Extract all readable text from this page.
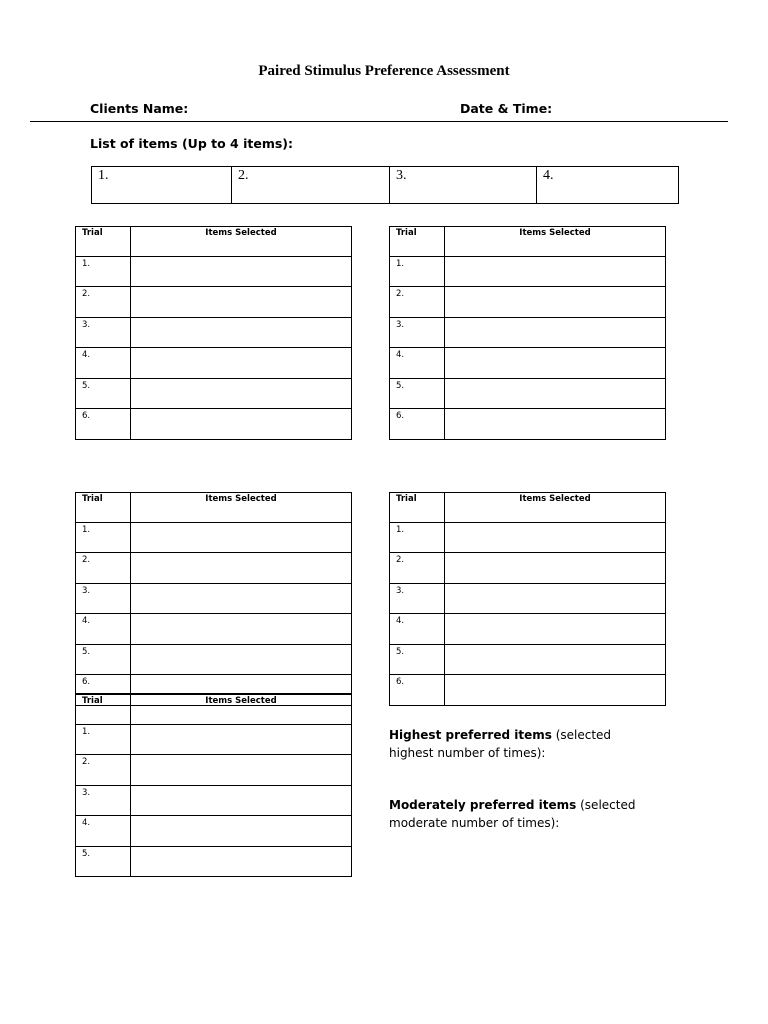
Paired Stimulus Preference Assessment
Clients Name:	Date & Time:
List of items (Up to 4 items):
1.	2.	3.	4.
Trial	Items Selected
1.	
2.	
3.	
4.	
5.	
6.	
Trial	Items Selected
1.	
2.	
3.	
4.	
5.	
6.	
Trial	Items Selected
1.	
2.	
3.	
4.	
5.	
6.	
Trial	Items Selected
1.	
2.	
3.	
4.	
5.	
6.	
Trial	Items Selected
1.	
2.	
3.	
4.	
5.	
Highest preferred items (selected highest number of times):
Moderately preferred items (selected moderate number of times):
